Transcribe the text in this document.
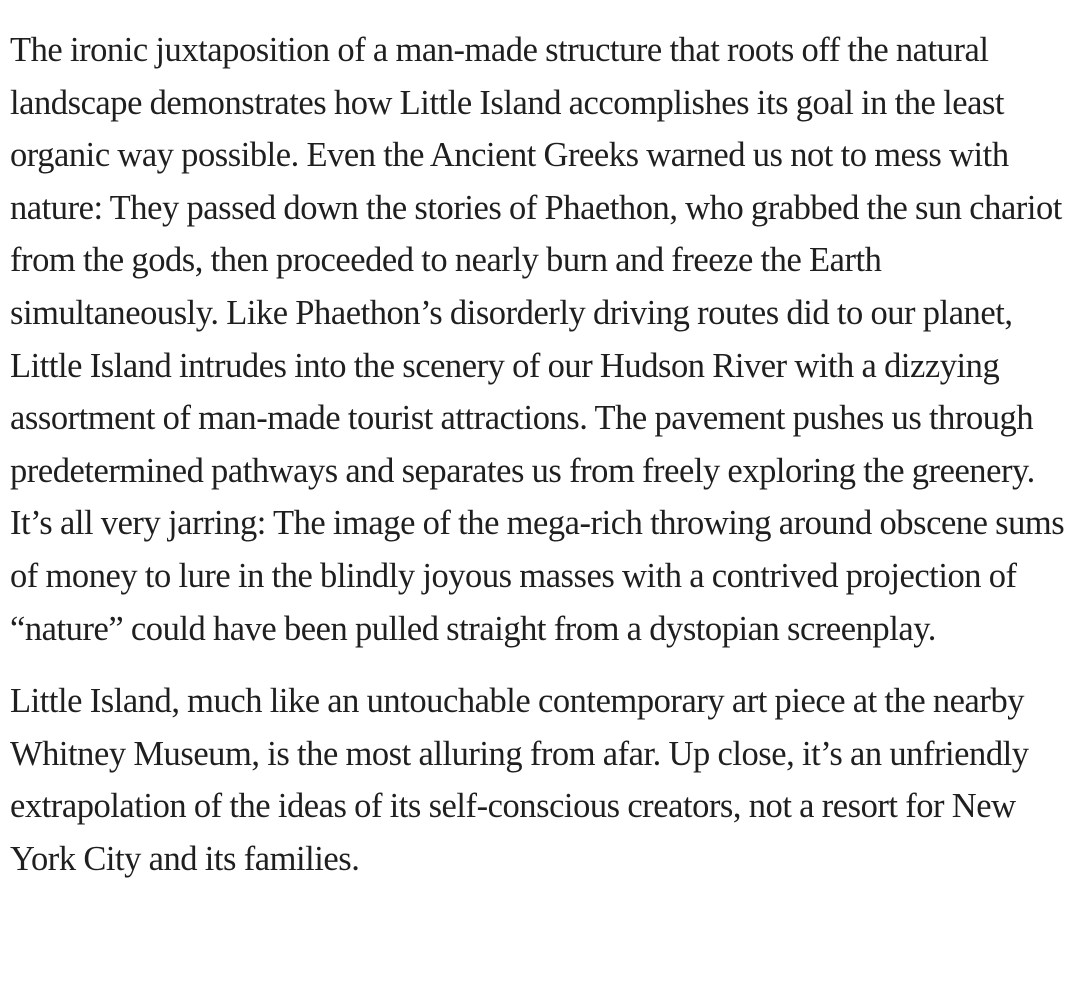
The ironic juxtaposition of a man-made structure that roots off the natural landscape demonstrates how Little Island accomplishes its goal in the least organic way possible. Even the Ancient Greeks warned us not to mess with nature: They passed down the stories of Phaethon, who grabbed the sun chariot from the gods, then proceeded to nearly burn and freeze the Earth simultaneously. Like Phaethon’s disorderly driving routes did to our planet, Little Island intrudes into the scenery of our Hudson River with a dizzying assortment of man-made tourist attractions. The pavement pushes us through predetermined pathways and separates us from freely exploring the greenery. It’s all very jarring: The image of the mega-rich throwing around obscene sums of money to lure in the blindly joyous masses with a contrived projection of “nature” could have been pulled straight from a dystopian screenplay.

Little Island, much like an untouchable contemporary art piece at the nearby Whitney Museum, is the most alluring from afar. Up close, it’s an unfriendly extrapolation of the ideas of its self-conscious creators, not a resort for New York City and its families.
